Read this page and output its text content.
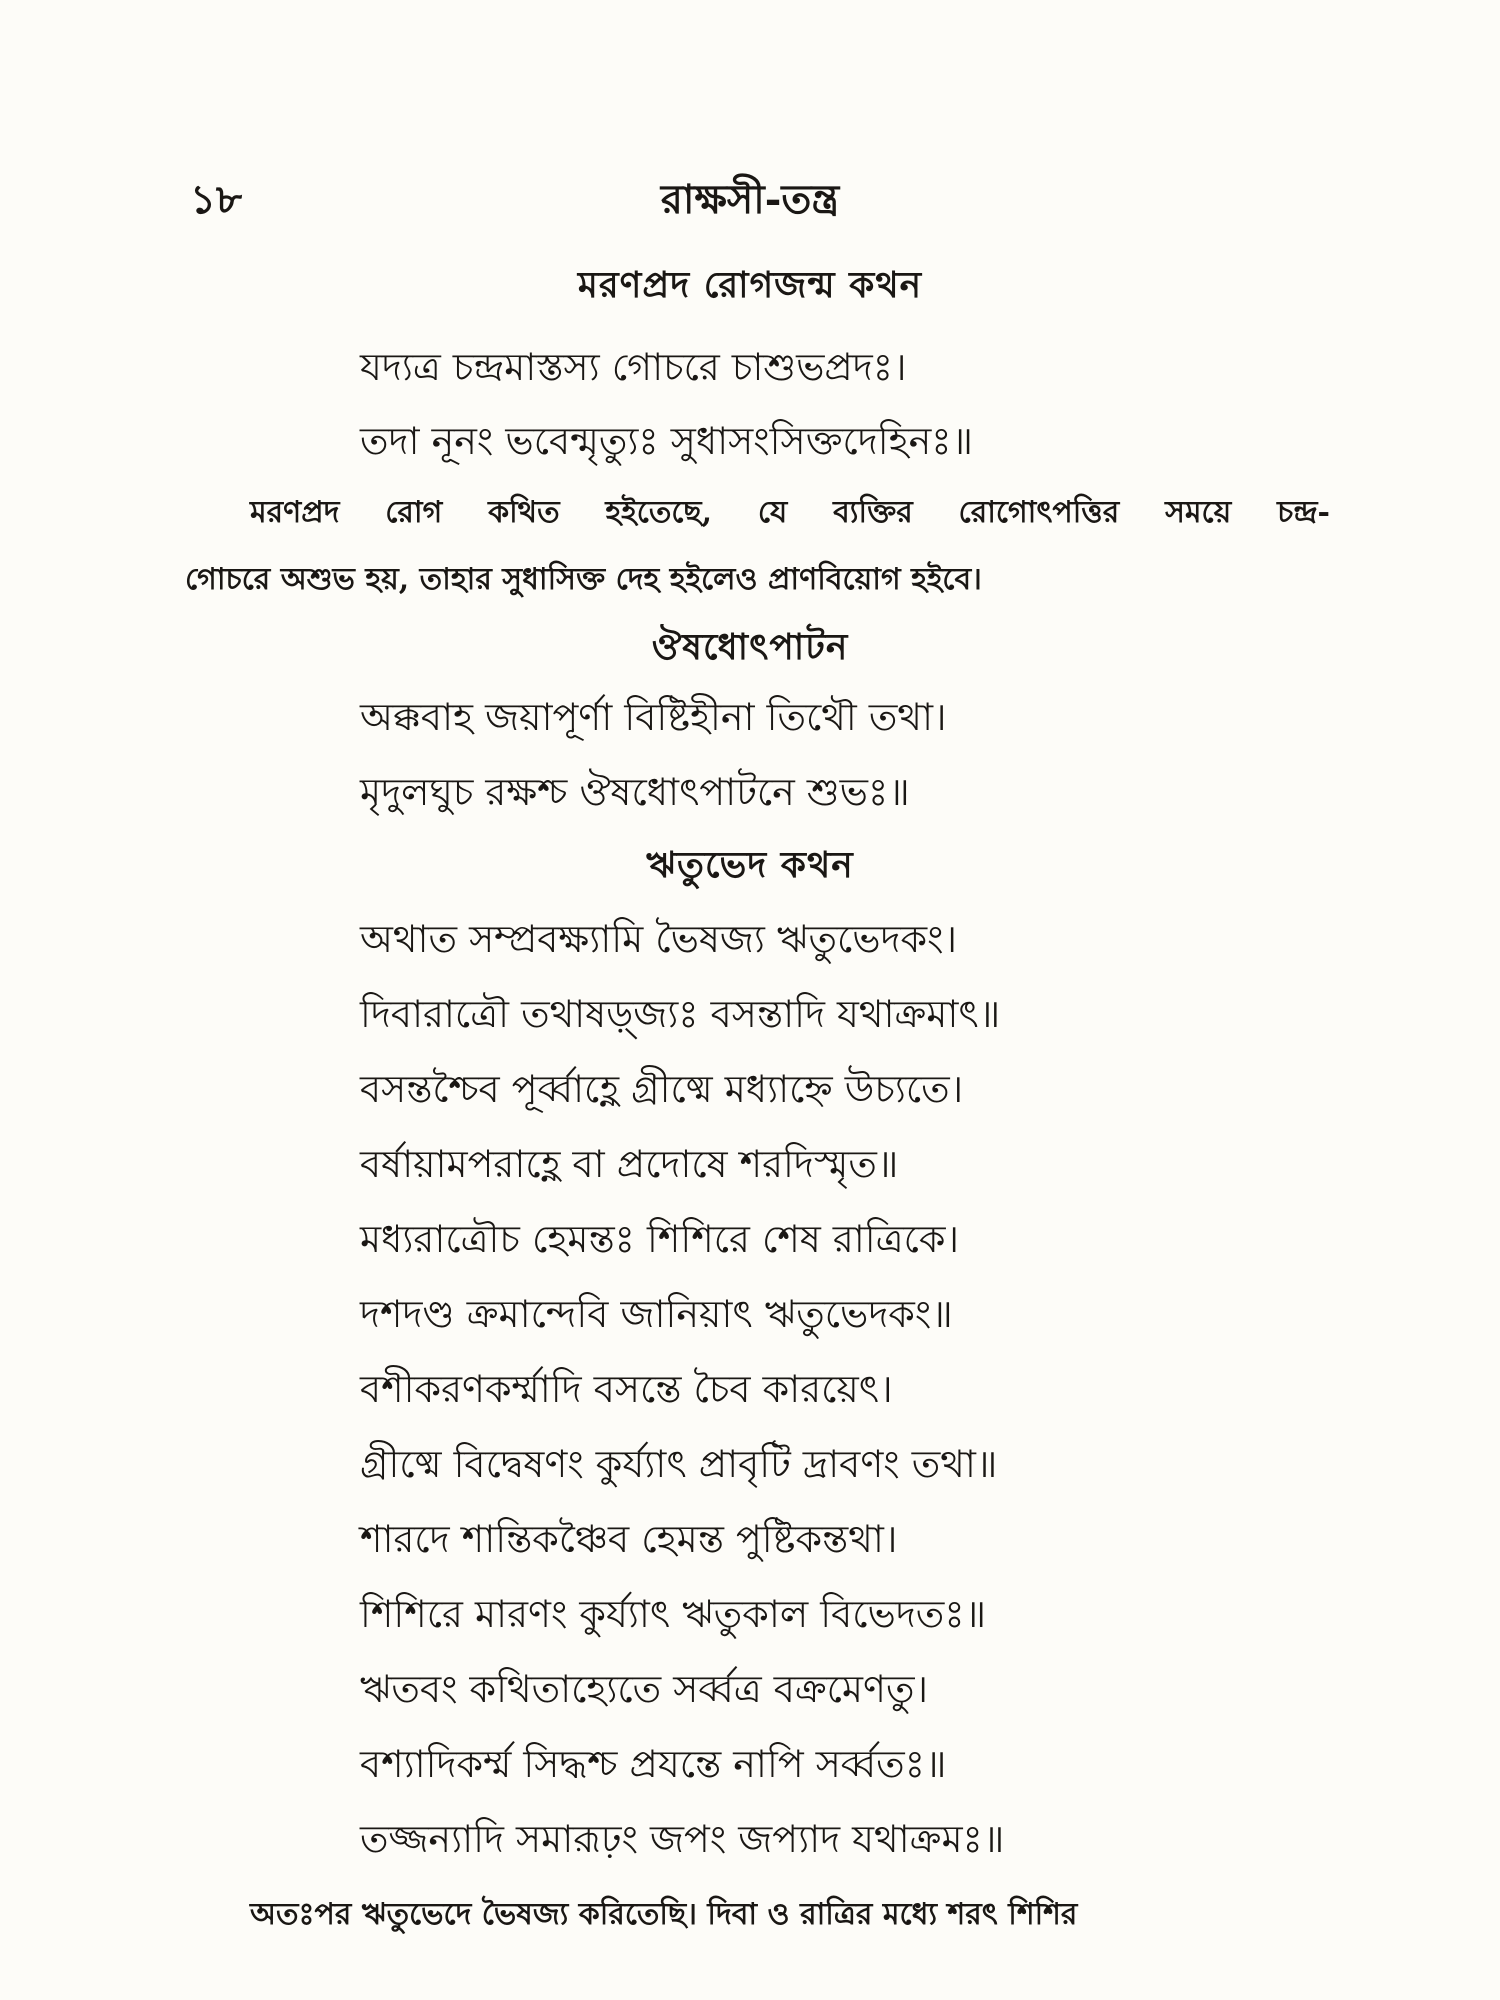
১৮	রাক্ষসী-তন্ত্র
মরণপ্রদ রোগজন্ম কথন
যদ্যত্র চন্দ্রমাস্তস্য গোচরে চাশুভপ্রদঃ।
তদা নূনং ভবেন্মৃত্যুঃ সুধাসংসিক্তদেহিনঃ॥
মরণপ্রদ রোগ কথিত হইতেছে, যে ব্যক্তির রোগোৎপত্তির সময়ে চন্দ্র-
গোচরে অশুভ হয়, তাহার সুধাসিক্ত দেহ হইলেও প্রাণবিয়োগ হইবে।
ঔষধোৎপাটন
অক্কবাহ জয়াপূর্ণা বিষ্টিহীনা তিথৌ তথা।
মৃদুলঘুচ রক্ষশ্চ ঔষধোৎপাটনে শুভঃ॥
ঋতুভেদ কথন
অথাত সম্প্রবক্ষ্যামি ভৈষজ্য ঋতুভেদকং।
দিবারাত্রৌ তথাষড়্জ্যঃ বসন্তাদি যথাক্রমাৎ॥
বসন্তশ্চৈব পূর্ব্বাহ্ণে গ্রীষ্মে মধ্যাহ্নে উচ্যতে।
বর্ষায়ামপরাহ্ণে বা প্রদোষে শরদিস্মৃত॥
মধ্যরাত্রৌচ হেমন্তঃ শিশিরে শেষ রাত্রিকে।
দশদণ্ড ক্রমান্দেবি জানিয়াৎ ঋতুভেদকং॥
বশীকরণকর্ম্মাদি বসন্তে চৈব কারয়েৎ।
গ্রীষ্মে বিদ্বেষণং কুর্য্যাৎ প্রাবৃটি দ্রাবণং তথা॥
শারদে শান্তিকঞ্চৈব হেমন্ত পুষ্টিকন্তথা।
শিশিরে মারণং কুর্য্যাৎ ঋতুকাল বিভেদতঃ॥
ঋতবং কথিতাহ্যেতে সর্ব্বত্র বক্রমেণতু।
বশ্যাদিকর্ম্ম সিদ্ধশ্চ প্রযন্তে নাপি সর্ব্বতঃ॥
তজ্জন্যাদি সমারূঢ়ং জপং জপ্যাদ যথাক্রমঃ॥
অতঃপর ঋতুভেদে ভৈষজ্য করিতেছি। দিবা ও রাত্রির মধ্যে শরৎ শিশির
